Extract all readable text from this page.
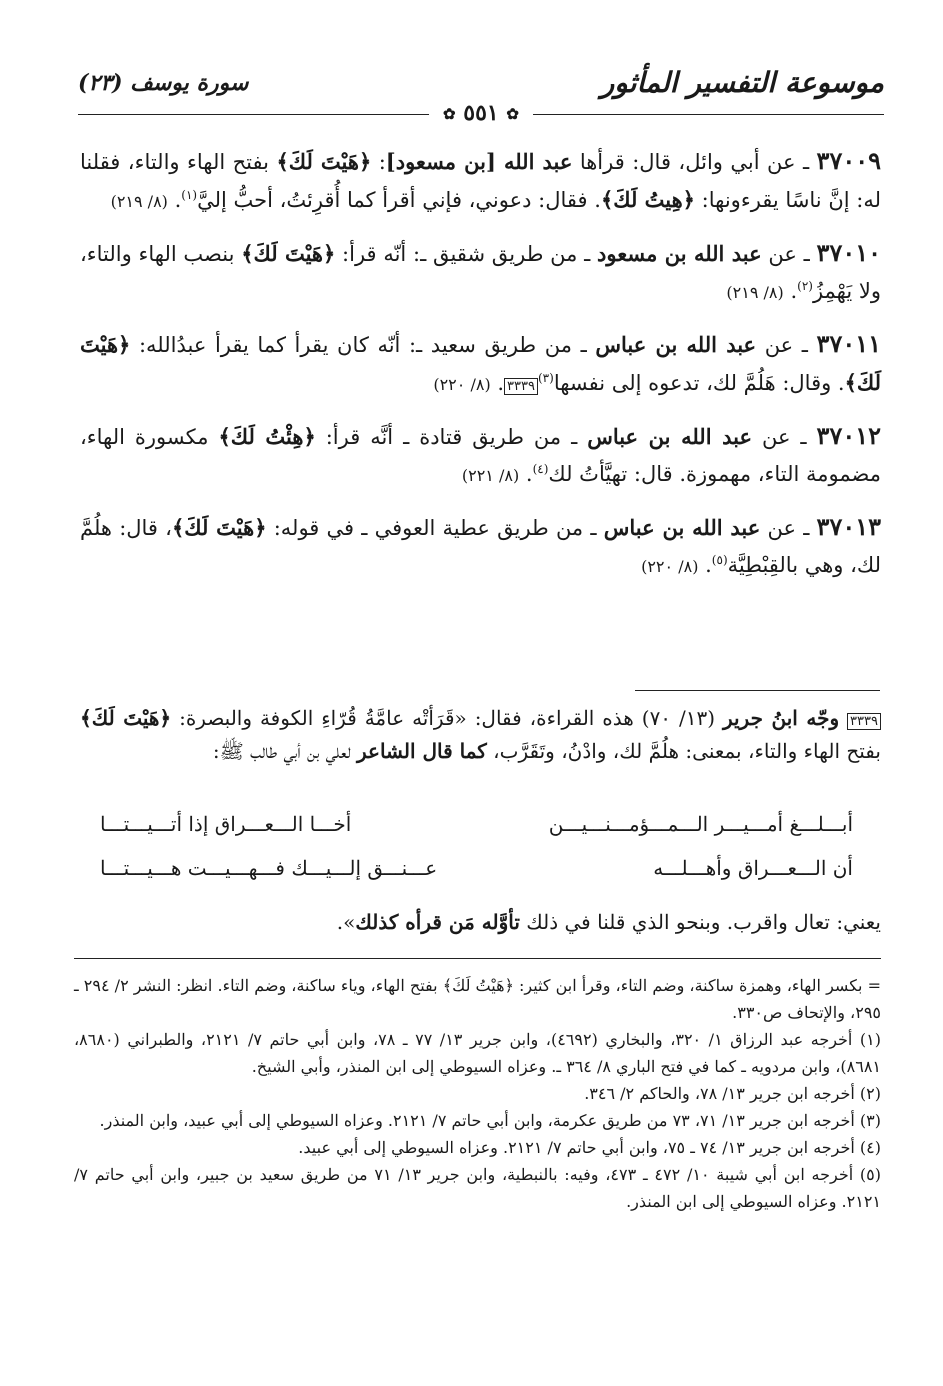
موسوعة التفسير المأثور
سورة يوسف (٢٣)
✿ ٥٥١ ✿

٣٧٠٠٩ ـ عن أبي وائل، قال: قرأها عبد الله [بن مسعود]: ﴿هَيْتَ لَكَ﴾ بفتح الهاء والتاء، فقلنا له: إنَّ ناسًا يقرءونها: ﴿هِيتُ لَكَ﴾. فقال: دعوني، فإني أقرأ كما أُقرِئتُ، أحبُّ إليَّ$^{(١)}$. (٨/ ٢١٩)

٣٧٠١٠ ـ عن عبد الله بن مسعود ـ من طريق شقيق ـ: أنّه قرأ: ﴿هَيْتَ لَكَ﴾ بنصب الهاء والتاء، ولا يَهْمِزُ$^{(٢)}$. (٨/ ٢١٩)

٣٧٠١١ ـ عن عبد الله بن عباس ـ من طريق سعيد ـ: أنّه كان يقرأ كما يقرأ عبدُالله: ﴿هَيْتَ لَكَ﴾. وقال: هَلُمَّ لك، تدعوه إلى نفسها$^{(٣)}$٣٣٣٩. (٨/ ٢٢٠)

٣٧٠١٢ ـ عن عبد الله بن عباس ـ من طريق قتادة ـ أنَّه قرأ: ﴿هِئْتُ لَكَ﴾ مكسورة الهاء، مضمومة التاء، مهموزة. قال: تهيَّأتُ لك$^{(٤)}$. (٨/ ٢٢١)

٣٧٠١٣ ـ عن عبد الله بن عباس ـ من طريق عطية العوفي ـ في قوله: ﴿هَيْتَ لَكَ﴾، قال: هلُمَّ لك، وهي بالقِبْطِيَّة$^{(٥)}$. (٨/ ٢٢٠)

٣٣٣٩ وجّه ابنُ جرير (١٣/ ٧٠) هذه القراءة، فقال: «قَرَأتْه عامَّةُ قُرّاءِ الكوفة والبصرة: ﴿هَيْتَ لَكَ﴾ بفتح الهاء والتاء، بمعنى: هلُمَّ لك، وادْنُ، وتَقَرَّب، كما قال الشاعر لعلي بن أبي طالب ﷺ:
أبـــلـــغ أمـــيـــر الـــمـــؤمـــنـــيـــن
أخـــا الـــعـــراق إذا أتـــيـــتـــا
أن الـــعـــراق وأهـــلـــه
عـــنـــق إلـــيـــك فـــهـــيـــت هـــيـــتـــا
يعني: تعال واقرب. وبنحو الذي قلنا في ذلك تأوَّله مَن قرأه كذلك».

= بكسر الهاء، وهمزة ساكنة، وضم التاء، وقرأ ابن كثير: ﴿هَيْتُ لَكَ﴾ بفتح الهاء، وياء ساكنة، وضم التاء. انظر: النشر ٢/ ٢٩٤ ـ ٢٩٥، والإتحاف ص٣٣٠.

(١) أخرجه عبد الرزاق ١/ ٣٢٠، والبخاري (٤٦٩٢)، وابن جرير ١٣/ ٧٧ ـ ٧٨، وابن أبي حاتم ٧/ ٢١٢١، والطبراني (٨٦٨٠، ٨٦٨١)، وابن مردويه ـ كما في فتح الباري ٨/ ٣٦٤ ـ. وعزاه السيوطي إلى ابن المنذر، وأبي الشيخ.

(٢) أخرجه ابن جرير ١٣/ ٧٨، والحاكم ٢/ ٣٤٦.

(٣) أخرجه ابن جرير ١٣/ ٧١، ٧٣ من طريق عكرمة، وابن أبي حاتم ٧/ ٢١٢١. وعزاه السيوطي إلى أبي عبيد، وابن المنذر.

(٤) أخرجه ابن جرير ١٣/ ٧٤ ـ ٧٥، وابن أبي حاتم ٧/ ٢١٢١. وعزاه السيوطي إلى أبي عبيد.

(٥) أخرجه ابن أبي شيبة ١٠/ ٤٧٢ ـ ٤٧٣، وفيه: بالنبطية، وابن جرير ١٣/ ٧١ من طريق سعيد بن جبير، وابن أبي حاتم ٧/ ٢١٢١. وعزاه السيوطي إلى ابن المنذر.
